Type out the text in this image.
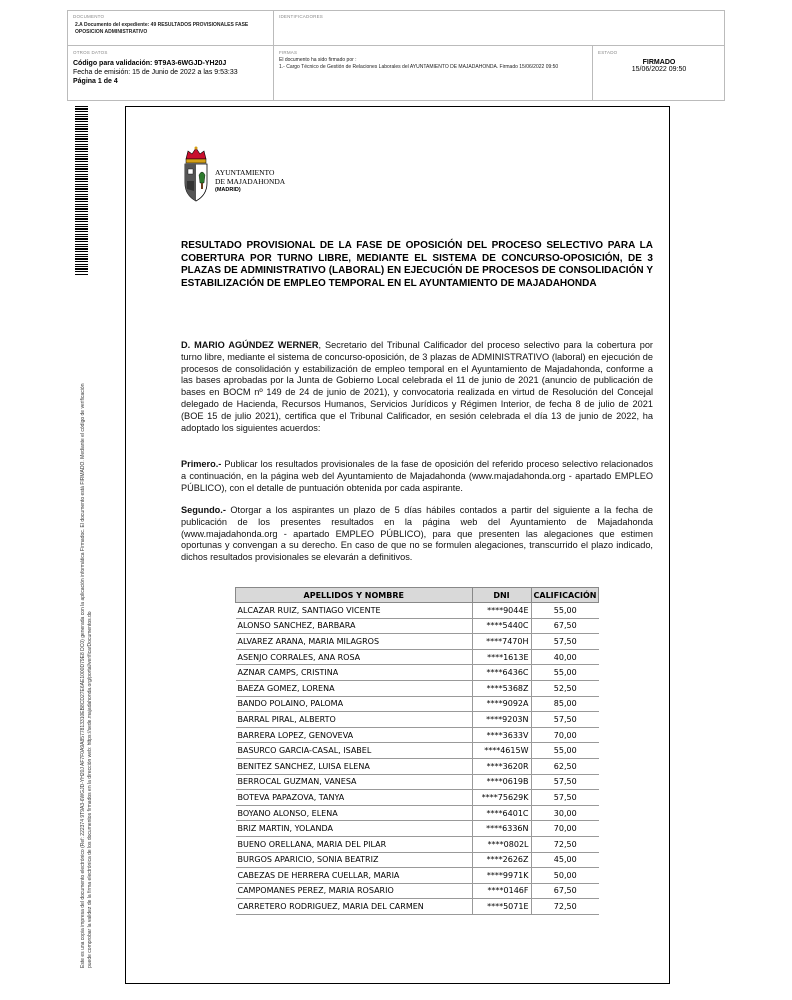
DOCUMENTO
2.A Documento del expediente: 49 RESULTADOS PROVISIONALES FASE OPOSICION ADMINISTRATIVO
IDENTIFICADORES
OTROS DATOS
Código para validación: 9T9A3-6WGJD-YH20J
Fecha de emisión: 15 de Junio de 2022 a las 9:53:33
Página 1 de 4
FIRMAS
El documento ha sido firmado por :
1.- Cargo Técnico de Gestión de Relaciones Laborales del AYUNTAMIENTO DE MAJADAHONDA. Firmado 15/06/2022 09:50
ESTADO
FIRMADO
15/06/2022 09:50
Este es una copia impresa del documento electrónico (Ref: 222374 9T9A3-6WGJD-YH20J AF7F0A9A8577813310EB8CD27E6AE1000D79E8 DC0) generada con la aplicación informática Firmadoc. El documento está FIRMADO. Mediante el código de verificación puede comprobar la validez de la firma electrónica de los documentos firmados en la dirección web: https://sede.majadahonda.org/portal/verificarDocumentos.do
AYUNTAMIENTO
DE MAJADAHONDA
(MADRID)
RESULTADO PROVISIONAL DE LA FASE DE OPOSICIÓN DEL PROCESO SELECTIVO PARA LA COBERTURA POR TURNO LIBRE, MEDIANTE EL SISTEMA DE CONCURSO-OPOSICIÓN, DE 3 PLAZAS DE ADMINISTRATIVO (LABORAL) EN EJECUCIÓN DE PROCESOS DE CONSOLIDACIÓN Y ESTABILIZACIÓN DE EMPLEO TEMPORAL EN EL AYUNTAMIENTO DE MAJADAHONDA
D. MARIO AGÚNDEZ WERNER, Secretario del Tribunal Calificador del proceso selectivo para la cobertura por turno libre, mediante el sistema de concurso-oposición, de 3 plazas de ADMINISTRATIVO (laboral) en ejecución de procesos de consolidación y estabilización de empleo temporal en el Ayuntamiento de Majadahonda, conforme a las bases aprobadas por la Junta de Gobierno Local celebrada el 11 de junio de 2021 (anuncio de publicación de bases en BOCM nº 149 de 24 de junio de 2021), y convocatoria realizada en virtud de Resolución del Concejal delegado de Hacienda, Recursos Humanos, Servicios Jurídicos y Régimen Interior, de fecha 8 de julio de 2021 (BOE 15 de julio 2021), certifica que el Tribunal Calificador, en sesión celebrada el día 13 de junio de 2022, ha adoptado los siguientes acuerdos:
Primero.- Publicar los resultados provisionales de la fase de oposición del referido proceso selectivo relacionados a continuación, en la página web del Ayuntamiento de Majadahonda (www.majadahonda.org - apartado EMPLEO PÚBLICO), con el detalle de puntuación obtenida por cada aspirante.
Segundo.- Otorgar a los aspirantes un plazo de 5 días hábiles contados a partir del siguiente a la fecha de publicación de los presentes resultados en la página web del Ayuntamiento de Majadahonda (www.majadahonda.org - apartado EMPLEO PÚBLICO), para que presenten las alegaciones que estimen oportunas y convengan a su derecho. En caso de que no se formulen alegaciones, transcurrido el plazo indicado, dichos resultados provisionales se elevarán a definitivos.
APELLIDOS Y NOMBRE	DNI	CALIFICACIÓN
ALCAZAR RUIZ, SANTIAGO VICENTE	****9044E	55,00
ALONSO SANCHEZ, BARBARA	****5440C	67,50
ALVAREZ ARANA, MARIA MILAGROS	****7470H	57,50
ASENJO CORRALES, ANA ROSA	****1613E	40,00
AZNAR CAMPS, CRISTINA	****6436C	55,00
BAEZA GOMEZ, LORENA	****5368Z	52,50
BANDO POLAINO, PALOMA	****9092A	85,00
BARRAL PIRAL, ALBERTO	****9203N	57,50
BARRERA LOPEZ, GENOVEVA	****3633V	70,00
BASURCO GARCIA-CASAL, ISABEL	****4615W	55,00
BENITEZ SANCHEZ, LUISA ELENA	****3620R	62,50
BERROCAL GUZMAN, VANESA	****0619B	57,50
BOTEVA PAPAZOVA, TANYA	****75629K	57,50
BOYANO ALONSO, ELENA	****6401C	30,00
BRIZ MARTIN, YOLANDA	****6336N	70,00
BUENO ORELLANA, MARIA DEL PILAR	****0802L	72,50
BURGOS APARICIO, SONIA BEATRIZ	****2626Z	45,00
CABEZAS DE HERRERA CUELLAR, MARIA	****9971K	50,00
CAMPOMANES PEREZ, MARIA ROSARIO	****0146F	67,50
CARRETERO RODRIGUEZ, MARIA DEL CARMEN	****5071E	72,50
